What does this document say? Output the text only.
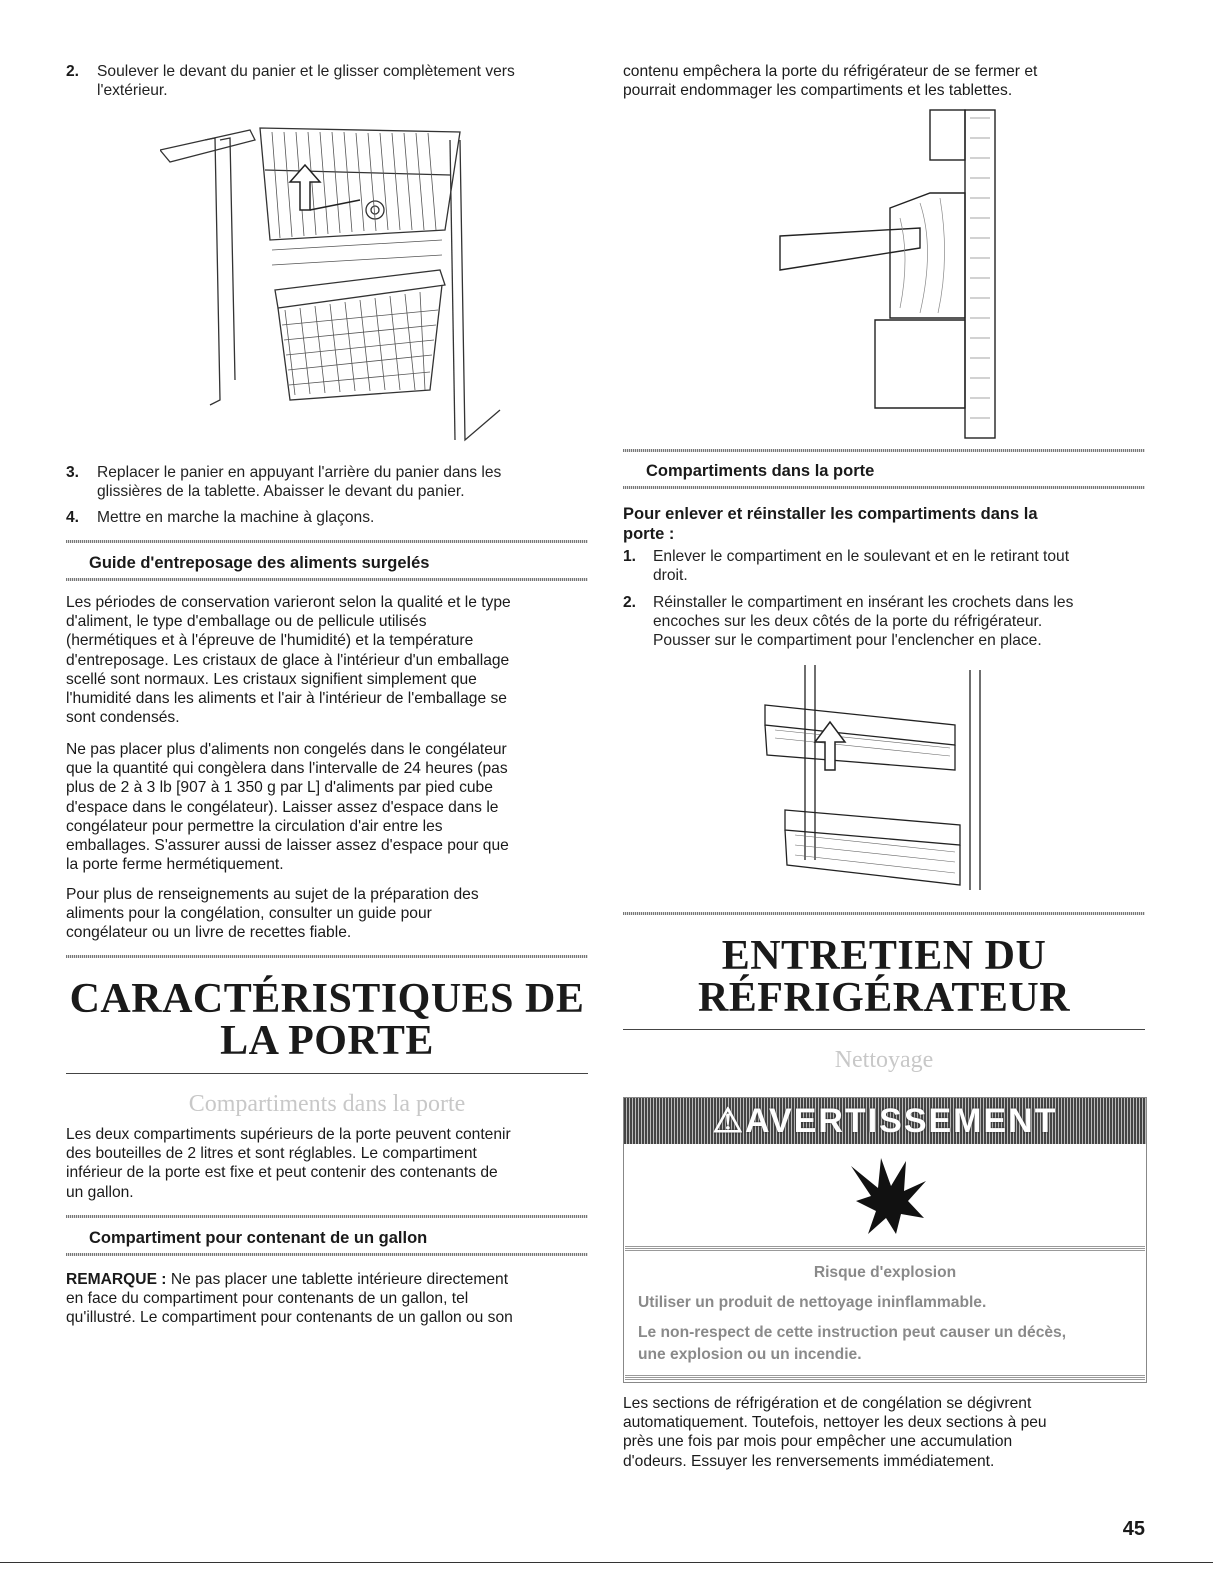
2. Soulever le devant du panier et le glisser complètement vers
l'extérieur.
3. Replacer le panier en appuyant l'arrière du panier dans les
glissières de la tablette. Abaisser le devant du panier.
4. Mettre en marche la machine à glaçons.
Guide d'entreposage des aliments surgelés

Les périodes de conservation varieront selon la qualité et le type

d'aliment, le type d'emballage ou de pellicule utilisés

(hermétiques et à l'épreuve de l'humidité) et la température

d'entreposage. Les cristaux de glace à l'intérieur d'un emballage

scellé sont normaux. Les cristaux signifient simplement que

l'humidité dans les aliments et l'air à l'intérieur de l'emballage se

sont condensés.

Ne pas placer plus d'aliments non congelés dans le congélateur

que la quantité qui congèlera dans l'intervalle de 24 heures (pas

plus de 2 à 3 lb [907 à 1 350 g par L] d'aliments par pied cube

d'espace dans le congélateur). Laisser assez d'espace dans le

congélateur pour permettre la circulation d'air entre les

emballages. S'assurer aussi de laisser assez d'espace pour que

la porte ferme hermétiquement.

Pour plus de renseignements au sujet de la préparation des

aliments pour la congélation, consulter un guide pour

congélateur ou un livre de recettes fiable.

CARACTÉRISTIQUES DE
LA PORTE
Compartiments dans la porte

Les deux compartiments supérieurs de la porte peuvent contenir

des bouteilles de 2 litres et sont réglables. Le compartiment

inférieur de la porte est fixe et peut contenir des contenants de

un gallon.

Compartiment pour contenant de un gallon

REMARQUE : Ne pas placer une tablette intérieure directement

en face du compartiment pour contenants de un gallon, tel

qu'illustré. Le compartiment pour contenants de un gallon ou son

contenu empêchera la porte du réfrigérateur de se fermer et

pourrait endommager les compartiments et les tablettes.

Compartiments dans la porte
Pour enlever et réinstaller les compartiments dans la
porte :
1. Enlever le compartiment en le soulevant et en le retirant tout
droit.
2. Réinstaller le compartiment en insérant les crochets dans les
encoches sur les deux côtés de la porte du réfrigérateur.
Pousser sur le compartiment pour l'enclencher en place.
ENTRETIEN DU
RÉFRIGÉRATEUR
Nettoyage
⚠AVERTISSEMENT
Risque d'explosion
Utiliser un produit de nettoyage ininflammable.
Le non-respect de cette instruction peut causer un décès,
une explosion ou un incendie.

Les sections de réfrigération et de congélation se dégivrent

automatiquement. Toutefois, nettoyer les deux sections à peu

près une fois par mois pour empêcher une accumulation

d'odeurs. Essuyer les renversements immédiatement.

45
